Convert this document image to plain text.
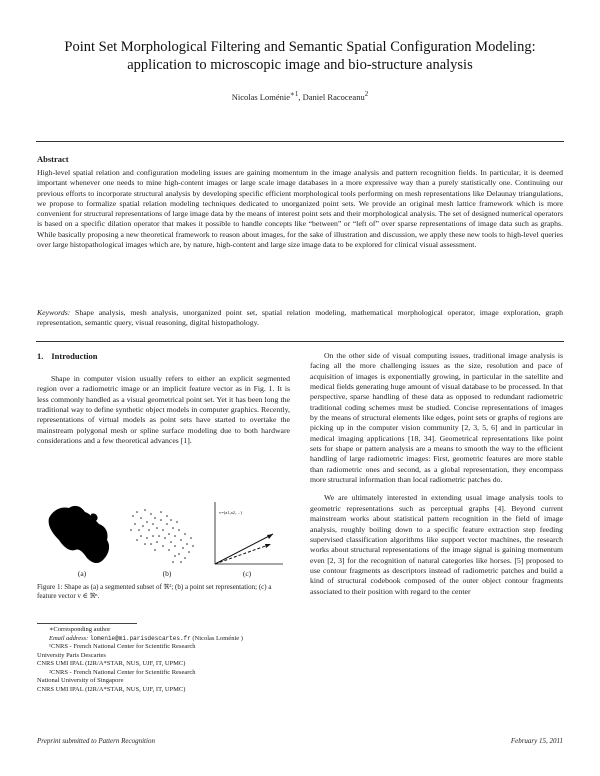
Point Set Morphological Filtering and Semantic Spatial Configuration Modeling:
application to microscopic image and bio-structure analysis
Nicolas Loménie$^{∗1}$, Daniel Racoceanu$^2$
Abstract
High-level spatial relation and configuration modeling issues are gaining momentum in the image analysis and pattern recognition fields. In particular, it is deemed important whenever one needs to mine high-content images or large scale image databases in a more expressive way than a purely statistically one. Continuing our previous efforts to incorporate structural analysis by developing specific efficient morphological tools performing on mesh representations like Delaunay triangulations, we propose to formalize spatial relation modeling techniques dedicated to unorganized point sets. We provide an original mesh lattice framework which is more convenient for structural representations of large image data by the means of interest point sets and their morphological analysis. The set of designed numerical operators is based on a specific dilation operator that makes it possible to handle concepts like “between” or “left of” over sparse representations of image data such as graphs. While basically proposing a new theoretical framework to reason about images, for the sake of illustration and discussion, we apply these new tools to high-level queries over large histopathological images which are, by nature, high-content and large size image data to be explored for clinical visual assessment.
Keywords: Shape analysis, mesh analysis, unorganized point set, spatial relation modeling, mathematical morphological operator, image exploration, graph representation, semantic query, visual reasoning, digital histopathology.
1. Introduction

Shape in computer vision usually refers to either an explicit segmented region over a radiometric image or an implicit feature vector as in Fig. 1. It is less commonly handled as a visual geometrical point set. Yet it has been long the traditional way to define synthetic object models in computer graphics. Recently, representations of virtual models as point sets have started to overtake the mainstream polygonal mesh or spline surface modeling due to both hardware considerations and a few theoretical advances [1].

(a)	(b)
v=(a1,a2,…)
(c)
Figure 1: Shape as (a) a segmented subset of ℜ²; (b) a point set representation; (c) a feature vector v ∈ ℜⁿ.
∗Corresponding author
Email address: lomenie@mi.parisdescartes.fr (Nicolas Loménie )
¹CNRS - French National Center for Scientific Research
University Paris Descartes
CNRS UMI IPAL (I2R/A*STAR, NUS, UJF, IT, UPMC)
²CNRS - French National Center for Scientific Research
National University of Singapore
CNRS UMI IPAL (I2R/A*STAR, NUS, UJF, IT, UPMC)

On the other side of visual computing issues, traditional image analysis is facing all the more challenging issues as the size, resolution and pace of acquisition of images is exponentially growing, in particular in the satellite and medical fields generating huge amount of visual database to be processed. In that perspective, sparse handling of these data as opposed to redundant radiometric traditional coding schemes must be studied. Concise representations of images by the means of structural elements like edges, point sets or graphs of regions are picking up in the computer vision community [2, 3, 5, 6] and in particular in medical imaging applications [18, 34]. Geometrical representations like point sets for shape or pattern analysis are a means to smooth the way to the efficient handling of large radiometric images: First, geometric features are more stable than radiometric ones and second, as a global representation, they encompass more structural information than local radiometric patches do.

We are ultimately interested in extending usual image analysis tools to geometric representations such as perceptual graphs [4]. Beyond current mainstream works about statistical pattern recognition in the field of image analysis, roughly boiling down to a specific feature extraction step feeding supervised classification algorithms like support vector machines, the research works about structural representations of the image signal is gaining momentum even [2, 3] for the recognition of natural categories like horses. [5] proposed to use contour fragments as descriptors instead of radiometric patches and build a kind of structural codebook composed of the outer object contour fragments associated to their position with regard to the center

Preprint submitted to Pattern Recognition	February 15, 2011
